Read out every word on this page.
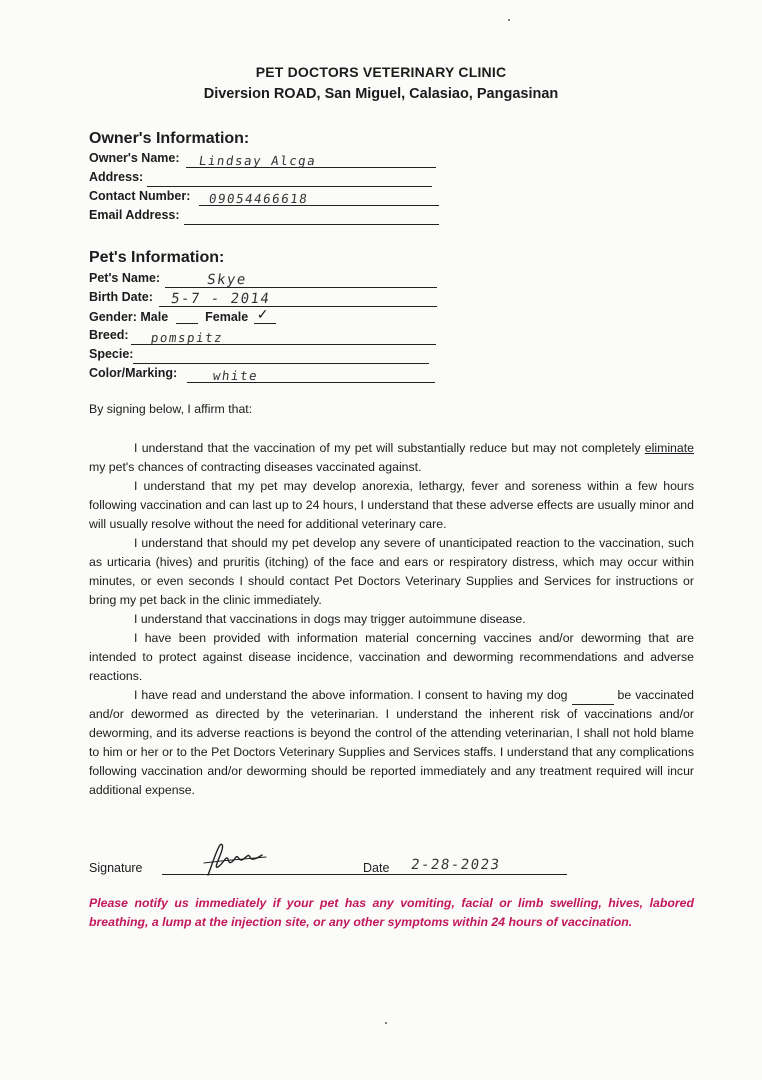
PET DOCTORS VETERINARY CLINIC
Diversion ROAD, San Miguel, Calasiao, Pangasinan
Owner's Information:
Owner's Name: Lindsay Alcga
Address:
Contact Number: 09054466618
Email Address:
Pet's Information:
Pet's Name:	Skye
Birth Date: 5-7 - 2014
Gender: Male	Female ✓
Breed: pomspitz
Specie:
Color/Marking:	white
By signing below, I affirm that:

I understand that the vaccination of my pet will substantially reduce but may not completely eliminate my pet's chances of contracting diseases vaccinated against.

I understand that my pet may develop anorexia, lethargy, fever and soreness within a few hours following vaccination and can last up to 24 hours, I understand that these adverse effects are usually minor and will usually resolve without the need for additional veterinary care.

I understand that should my pet develop any severe of unanticipated reaction to the vaccination, such as urticaria (hives) and pruritis (itching) of the face and ears or respiratory distress, which may occur within minutes, or even seconds I should contact Pet Doctors Veterinary Supplies and Services for instructions or bring my pet back in the clinic immediately.

I understand that vaccinations in dogs may trigger autoimmune disease.

I have been provided with information material concerning vaccines and/or deworming that are intended to protect against disease incidence, vaccination and deworming recommendations and adverse reactions.

I have read and understand the above information. I consent to having my dog	be vaccinated and/or dewormed as directed by the veterinarian. I understand the inherent risk of vaccinations and/or deworming, and its adverse reactions is beyond the control of the attending veterinarian, I shall not hold blame to him or her or to the Pet Doctors Veterinary Supplies and Services staffs. I understand that any complications following vaccination and/or deworming should be reported immediately and any treatment required will incur additional expense.

Signature	Date 2-28-2023
Please notify us immediately if your pet has any vomiting, facial or limb swelling, hives, labored breathing, a lump at the injection site, or any other symptoms within 24 hours of vaccination.
